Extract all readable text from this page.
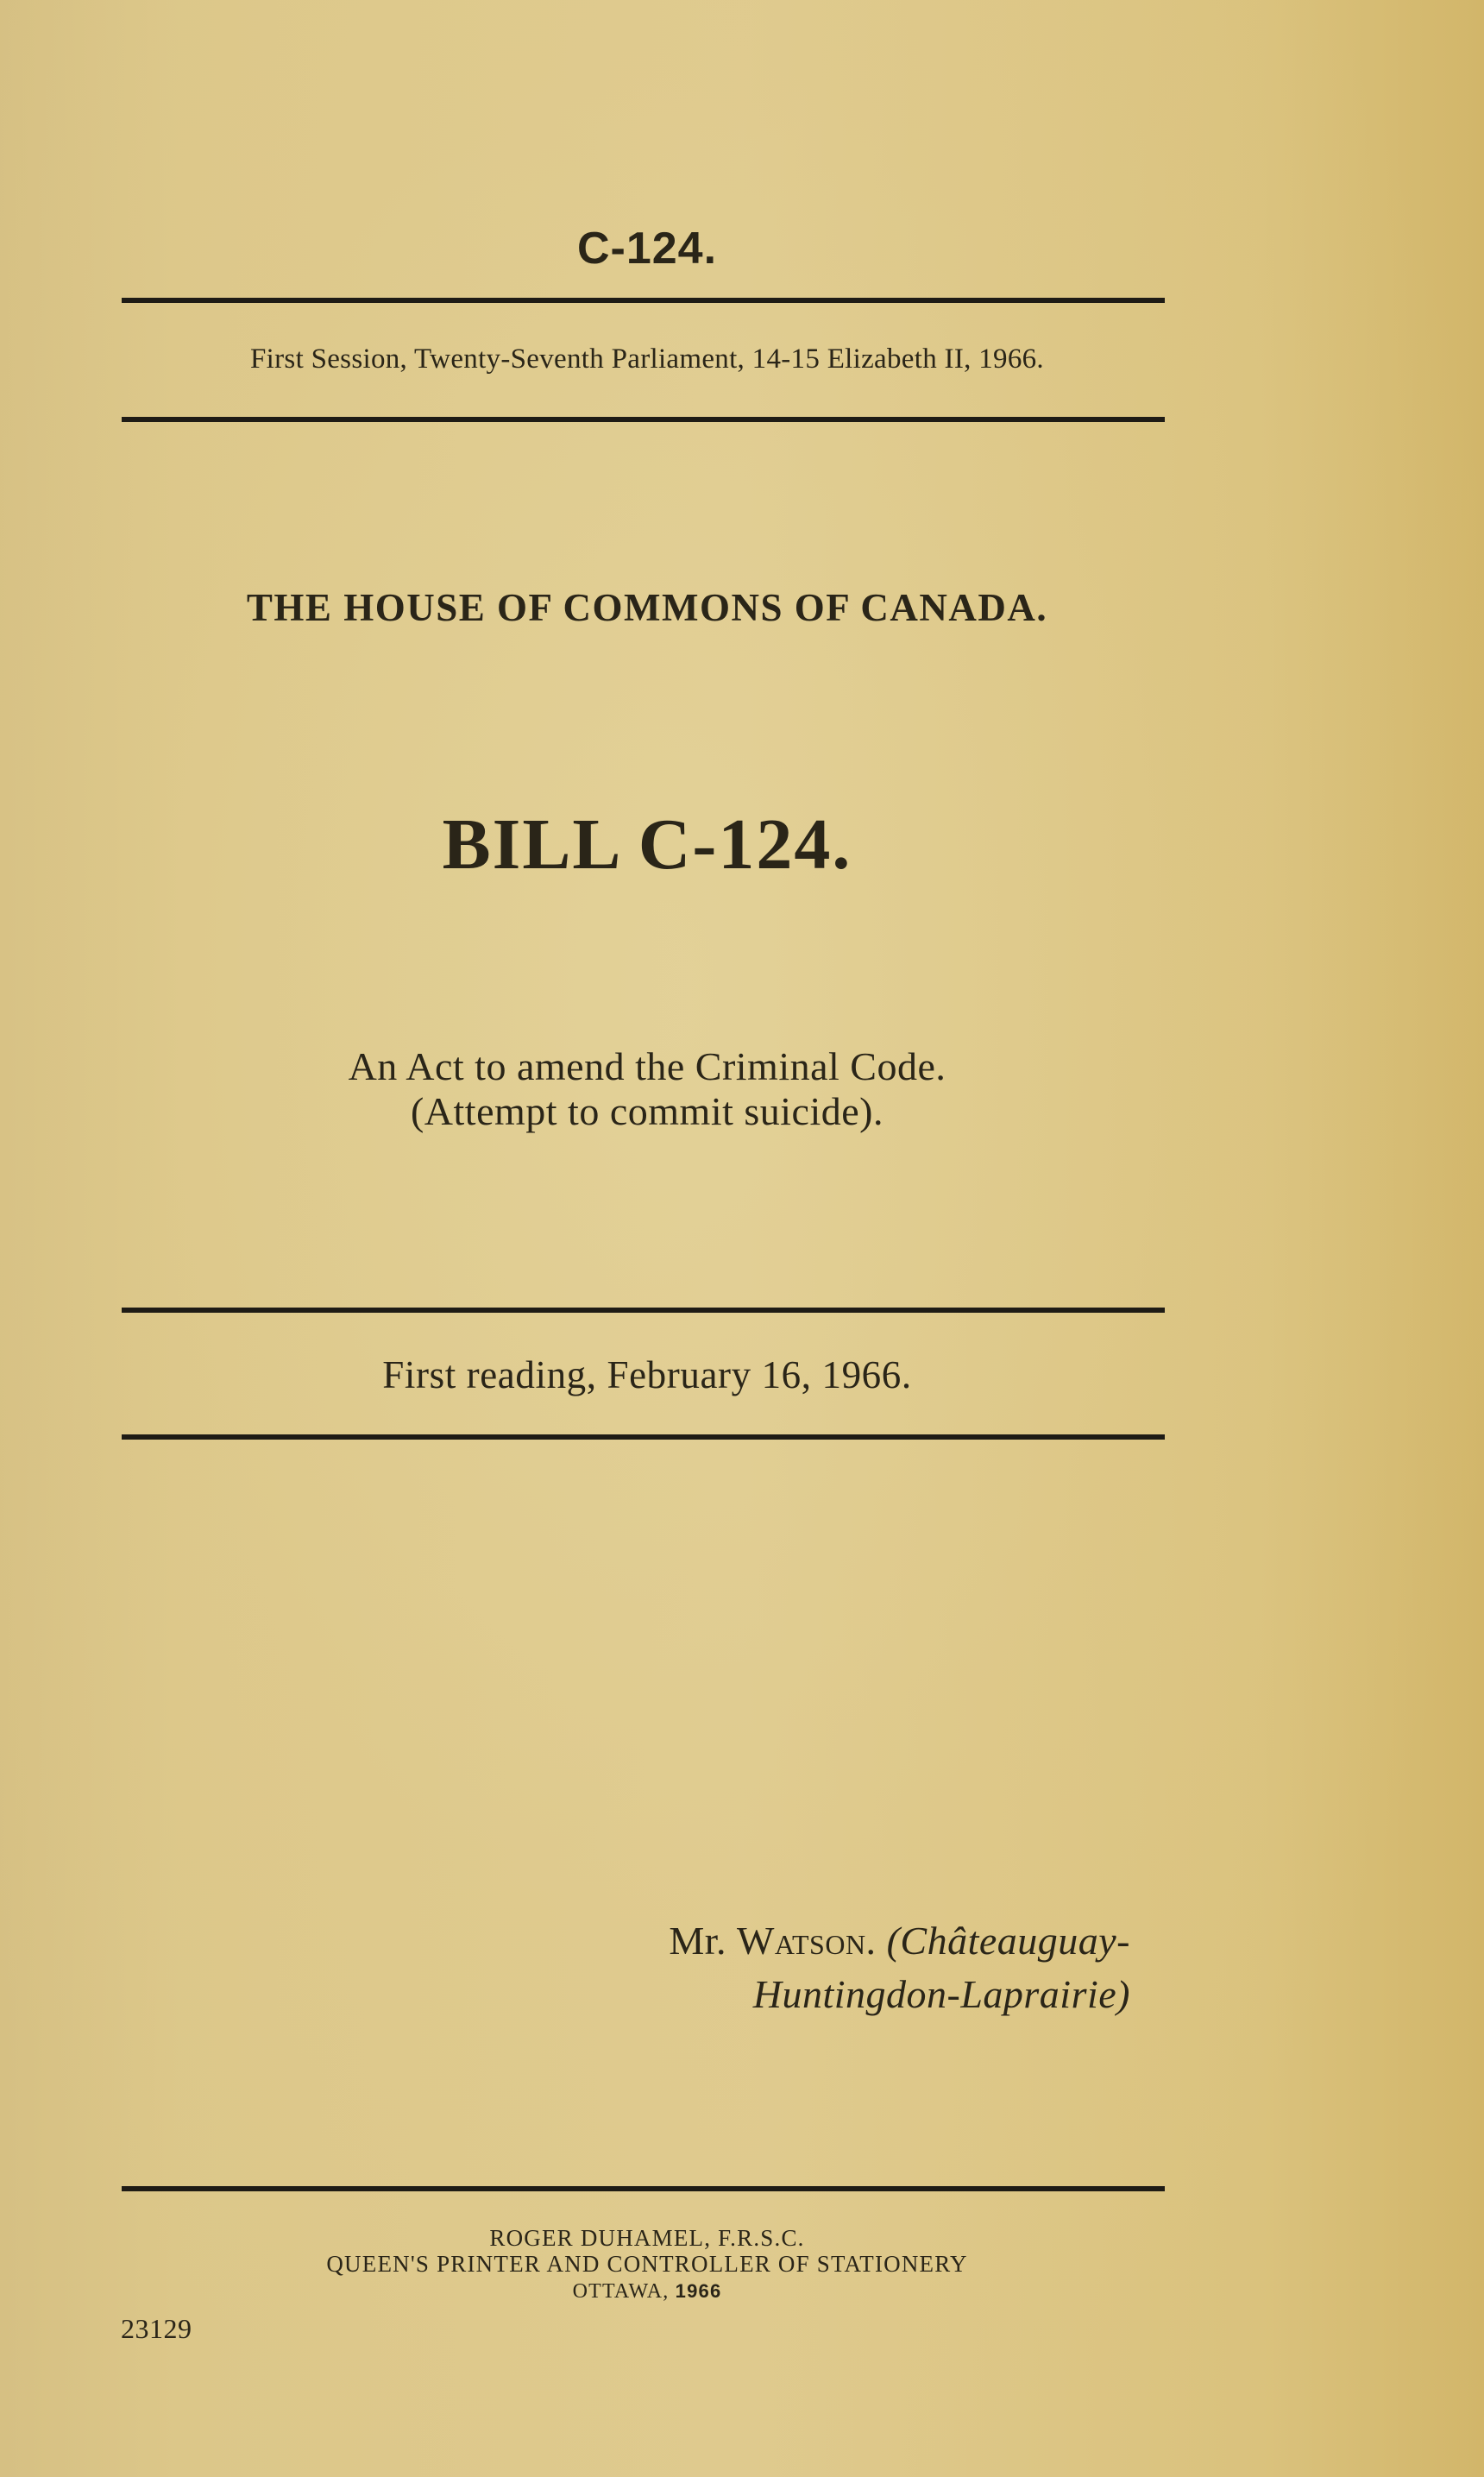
C-124.
First Session, Twenty-Seventh Parliament, 14-15 Elizabeth II, 1966.
THE HOUSE OF COMMONS OF CANADA.
BILL C-124.
An Act to amend the Criminal Code.
(Attempt to commit suicide).
First reading, February 16, 1966.
Mr. Watson. (Châteauguay-
Huntingdon-Laprairie)
ROGER DUHAMEL, F.R.S.C.
QUEEN'S PRINTER AND CONTROLLER OF STATIONERY
OTTAWA, 1966
23129
